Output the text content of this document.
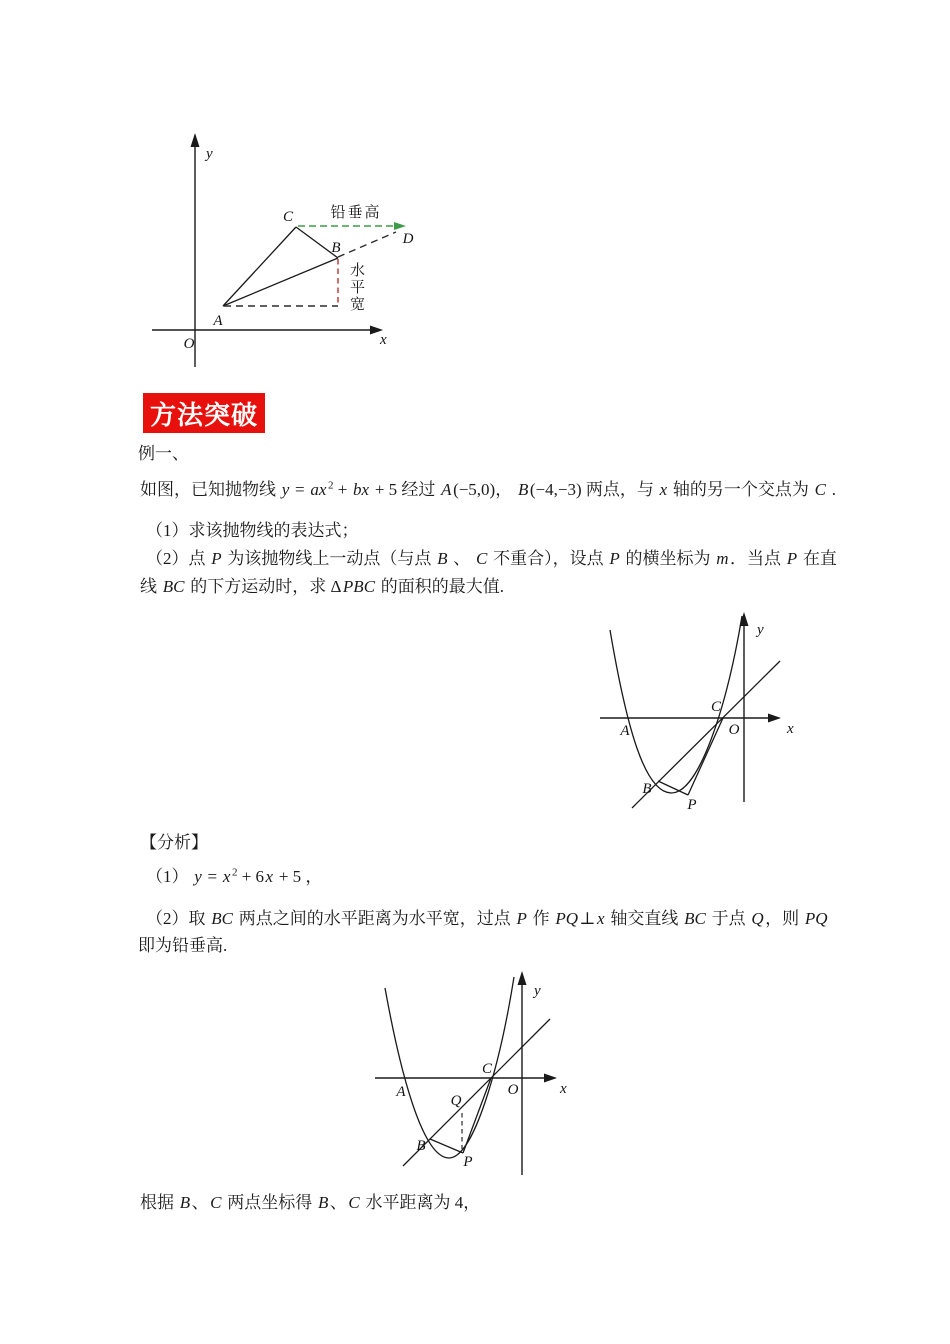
y
x
O
A
B
C
D
铅垂高
水平宽
方法突破
例一、
如图，已知抛物线 y = ax $^2$ + bx + 5 经过 A(−5,0)， B(−4,−3) 两点，与 x 轴的另一个交点为 C .
（1）求该抛物线的表达式；
（2）点 P 为该抛物线上一动点（与点 B 、 C 不重合），设点 P 的横坐标为 m．当点 P 在直
线 BC 的下方运动时，求 ΔPBC 的面积的最大值.
y
x
O
A
C
B
P
【分析】
（1） y = x $^2$ + 6x + 5 ，
（2）取 BC 两点之间的水平距离为水平宽，过点 P 作 PQ⊥x 轴交直线 BC 于点 Q，则 PQ
即为铅垂高.
y
x
O
A
C
Q
B
P
根据 B、C 两点坐标得 B、C 水平距离为 4，
